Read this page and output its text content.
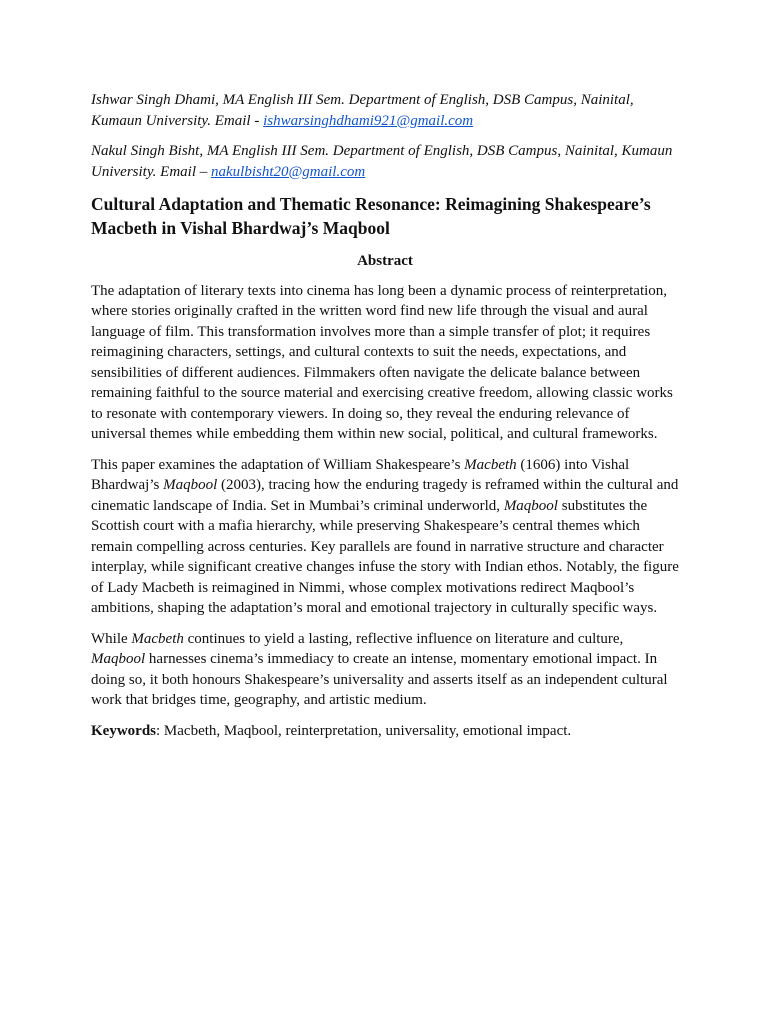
Ishwar Singh Dhami, MA English III Sem. Department of English, DSB Campus, Nainital, Kumaun University. Email - ishwarsinghdhami921@gmail.com

Nakul Singh Bisht, MA English III Sem. Department of English, DSB Campus, Nainital, Kumaun University. Email – nakulbisht20@gmail.com

Cultural Adaptation and Thematic Resonance: Reimagining Shakespeare’s Macbeth in Vishal Bhardwaj’s Maqbool
Abstract

The adaptation of literary texts into cinema has long been a dynamic process of reinterpretation, where stories originally crafted in the written word find new life through the visual and aural language of film. This transformation involves more than a simple transfer of plot; it requires reimagining characters, settings, and cultural contexts to suit the needs, expectations, and sensibilities of different audiences. Filmmakers often navigate the delicate balance between remaining faithful to the source material and exercising creative freedom, allowing classic works to resonate with contemporary viewers. In doing so, they reveal the enduring relevance of universal themes while embedding them within new social, political, and cultural frameworks.

This paper examines the adaptation of William Shakespeare’s Macbeth (1606) into Vishal Bhardwaj’s Maqbool (2003), tracing how the enduring tragedy is reframed within the cultural and cinematic landscape of India. Set in Mumbai’s criminal underworld, Maqbool substitutes the Scottish court with a mafia hierarchy, while preserving Shakespeare’s central themes which remain compelling across centuries. Key parallels are found in narrative structure and character interplay, while significant creative changes infuse the story with Indian ethos. Notably, the figure of Lady Macbeth is reimagined in Nimmi, whose complex motivations redirect Maqbool’s ambitions, shaping the adaptation’s moral and emotional trajectory in culturally specific ways.

While Macbeth continues to yield a lasting, reflective influence on literature and culture, Maqbool harnesses cinema’s immediacy to create an intense, momentary emotional impact. In doing so, it both honours Shakespeare’s universality and asserts itself as an independent cultural work that bridges time, geography, and artistic medium.

Keywords: Macbeth, Maqbool, reinterpretation, universality, emotional impact.
